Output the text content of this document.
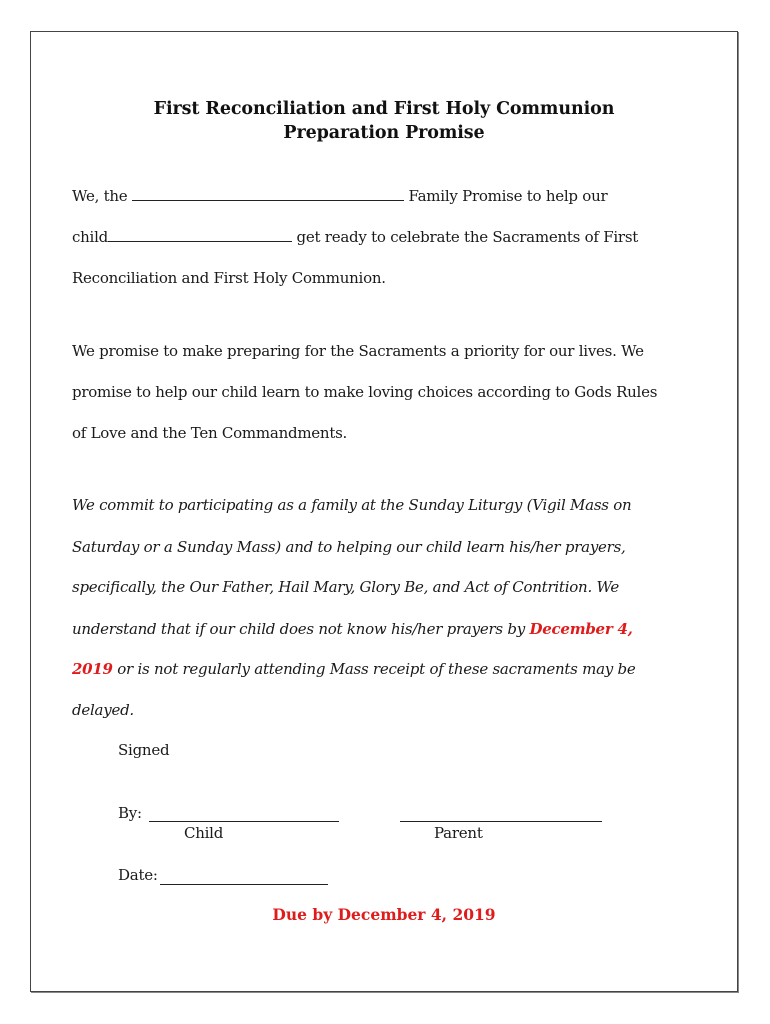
First Reconciliation and First Holy Communion
Preparation Promise
We, the	Family Promise to help our
child	get ready to celebrate the Sacraments of First
Reconciliation and First Holy Communion.
We promise to make preparing for the Sacraments a priority for our lives. We
promise to help our child learn to make loving choices according to Gods Rules
of Love and the Ten Commandments.
We commit to participating as a family at the Sunday Liturgy (Vigil Mass on
Saturday or a Sunday Mass) and to helping our child learn his/her prayers,
specifically, the Our Father, Hail Mary, Glory Be, and Act of Contrition. We
understand that if our child does not know his/her prayers by December 4,
2019 or is not regularly attending Mass receipt of these sacraments may be
delayed.
Signed
By:
Child	Parent
Date:
Due by December 4, 2019
